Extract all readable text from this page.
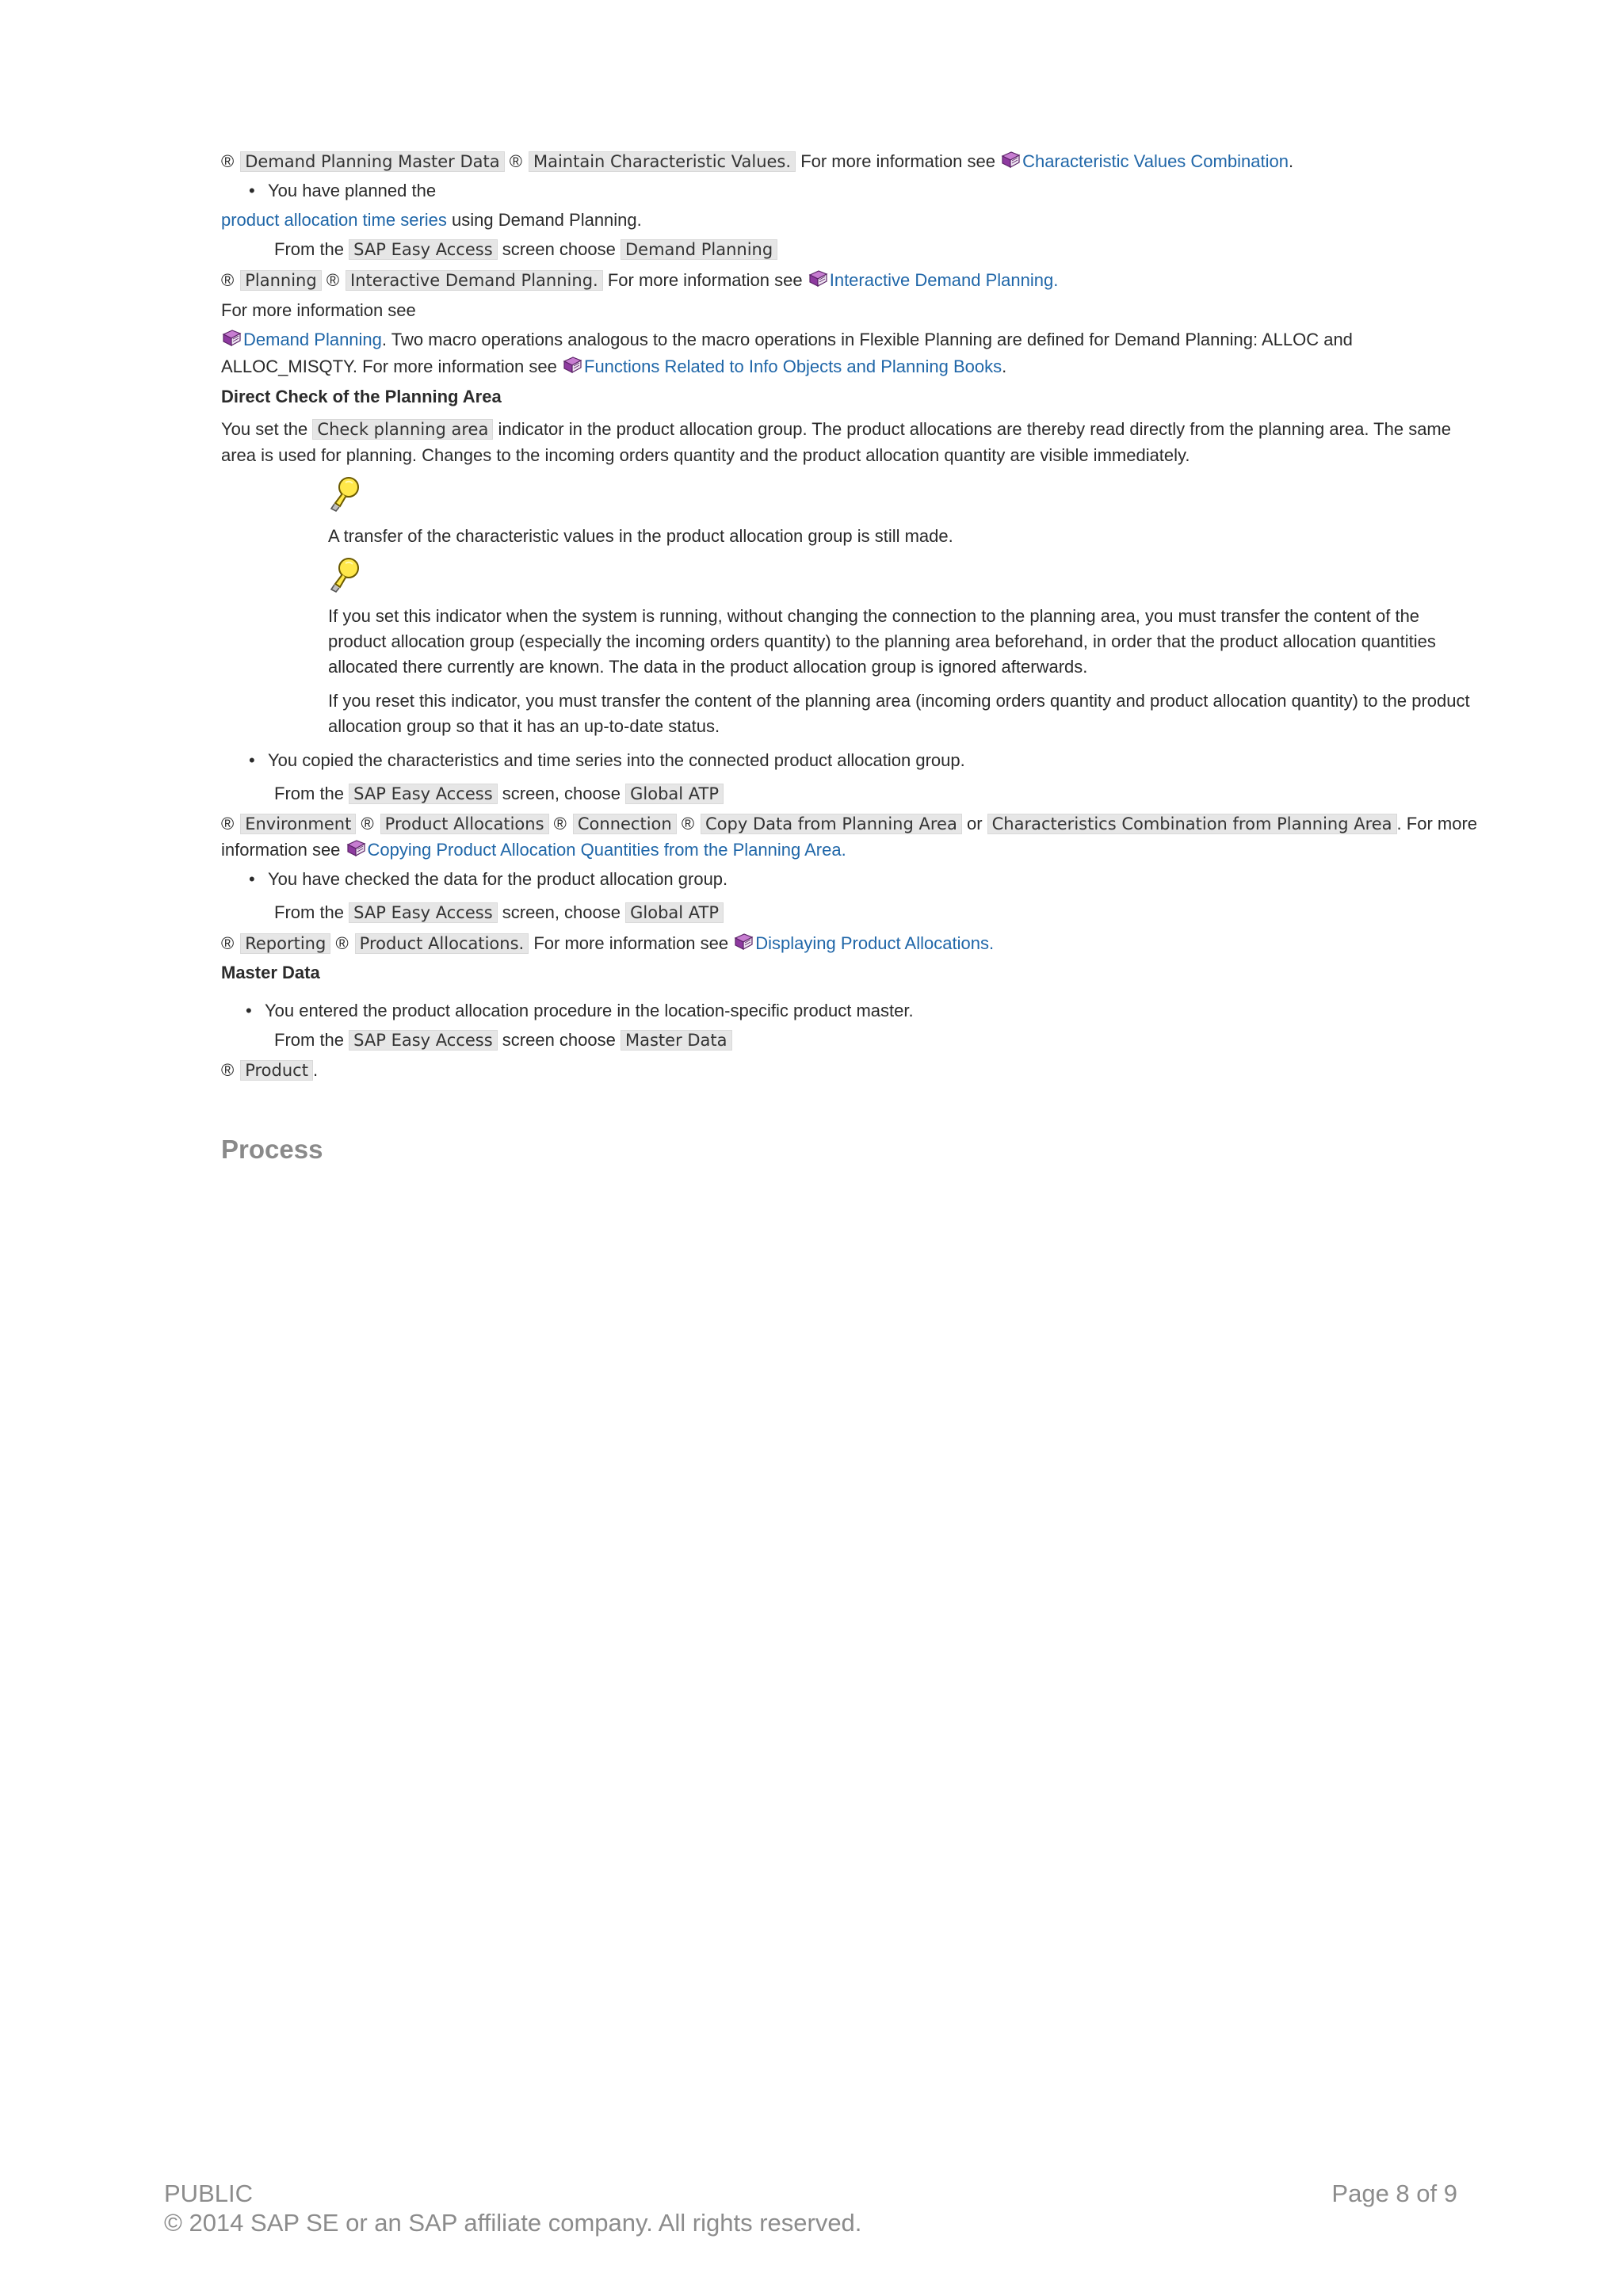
® Demand Planning Master Data ® Maintain Characteristic Values. For more information see Characteristic Values Combination.
• You have planned the
product allocation time series using Demand Planning.
From the SAP Easy Access screen choose Demand Planning
® Planning ® Interactive Demand Planning. For more information see Interactive Demand Planning.
For more information see
Demand Planning. Two macro operations analogous to the macro operations in Flexible Planning are defined for Demand Planning: ALLOC and
ALLOC_MISQTY. For more information see Functions Related to Info Objects and Planning Books.
Direct Check of the Planning Area
You set the Check planning area indicator in the product allocation group. The product allocations are thereby read directly from the planning area. The same
area is used for planning. Changes to the incoming orders quantity and the product allocation quantity are visible immediately.
A transfer of the characteristic values in the product allocation group is still made.
If you set this indicator when the system is running, without changing the connection to the planning area, you must transfer the content of the
product allocation group (especially the incoming orders quantity) to the planning area beforehand, in order that the product allocation quantities
allocated there currently are known. The data in the product allocation group is ignored afterwards.
If you reset this indicator, you must transfer the content of the planning area (incoming orders quantity and product allocation quantity) to the product
allocation group so that it has an up-to-date status.
• You copied the characteristics and time series into the connected product allocation group.
From the SAP Easy Access screen, choose Global ATP
® Environment ® Product Allocations ® Connection ® Copy Data from Planning Area or Characteristics Combination from Planning Area . For more
information see Copying Product Allocation Quantities from the Planning Area.
• You have checked the data for the product allocation group.
From the SAP Easy Access screen, choose Global ATP
® Reporting ® Product Allocations. For more information see Displaying Product Allocations.
Master Data
• You entered the product allocation procedure in the location-specific product master.
From the SAP Easy Access screen choose Master Data
® Product .
Process
PUBLIC
© 2014 SAP SE or an SAP affiliate company. All rights reserved.
Page 8 of 9
